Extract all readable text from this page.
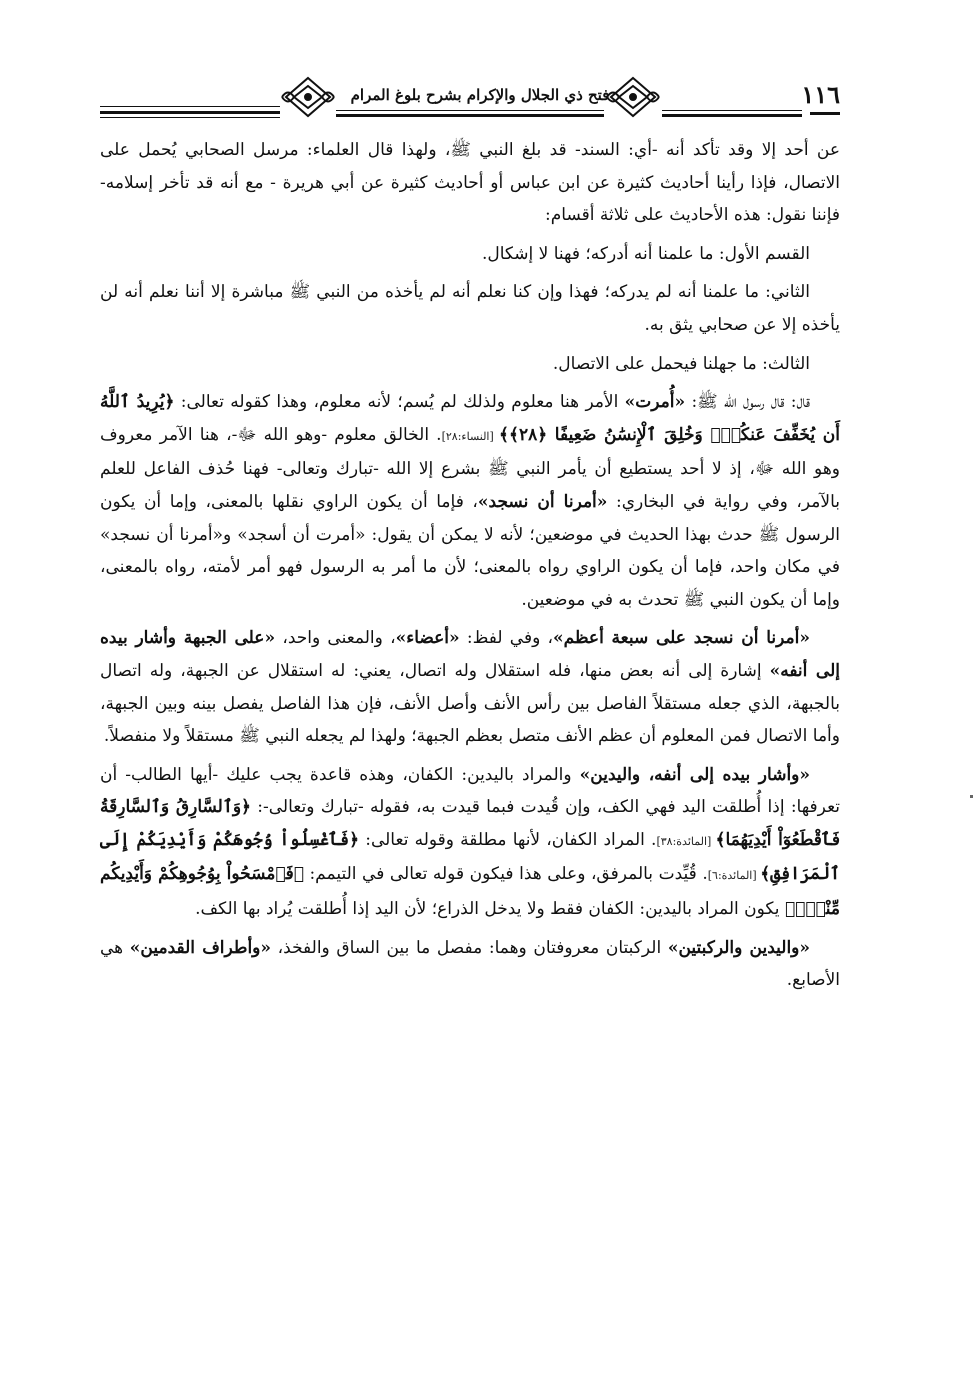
١١٦
فتح ذي الجلال والإكرام بشرح بلوغ المرام

عن أحد إلا وقد تأكد أنه -أي: السند- قد بلغ النبي ﷺ، ولهذا قال العلماء: مرسل الصحابي يُحمل على الاتصال، فإذا رأينا أحاديث كثيرة عن ابن عباس أو أحاديث كثيرة عن أبي هريرة - مع أنه قد تأخر إسلامه- فإننا نقول: هذه الأحاديث على ثلاثة أقسام:

القسم الأول: ما علمنا أنه أدركه؛ فهنا لا إشكال.

الثاني: ما علمنا أنه لم يدركه؛ فهذا وإن كنا نعلم أنه لم يأخذه من النبي ﷺ مباشرة إلا أننا نعلم أنه لن يأخذه إلا عن صحابي يثق به.

الثالث: ما جهلنا فيحمل على الاتصال.

قال: قال رسول الله ﷺ: «أُمرت» الأمر هنا معلوم ولذلك لم يُسم؛ لأنه معلوم، وهذا كقوله تعالى: ﴿يُرِيدُ ٱللَّهُ أَن يُخَفِّفَ عَنكُمْۚ وَخُلِقَ ٱلْإِنسَٰنُ ضَعِيفًا ﴿٢٨﴾﴾ [النساء:٢٨]. الخالق معلوم -وهو الله ﷻ-، هنا الآمر معروف وهو الله ﷻ، إذ لا أحد يستطيع أن يأمر النبي ﷺ بشرع إلا الله -تبارك وتعالى- فهنا حُذف الفاعل للعلم بالآمر، وفي رواية في البخاري: «أمرنا أن نسجد»، فإما أن يكون الراوي نقلها بالمعنى، وإما أن يكون الرسول ﷺ حدث بهذا الحديث في موضعين؛ لأنه لا يمكن أن يقول: «أمرت أن أسجد» و«أمرنا أن نسجد» في مكان واحد، فإما أن يكون الراوي رواه بالمعنى؛ لأن ما أمر به الرسول فهو أمر لأمته، رواه بالمعنى، وإما أن يكون النبي ﷺ تحدث به في موضعين.

«أمرنا أن نسجد على سبعة أعظم»، وفي لفظ: «أعضاء»، والمعنى واحد، «على الجبهة وأشار بيده إلى أنفه» إشارة إلى أنه بعض منها، فله استقلال وله اتصال، يعني: له استقلال عن الجبهة، وله اتصال بالجبهة، الذي جعله مستقلاً الفاصل بين رأس الأنف وأصل الأنف، فإن هذا الفاصل يفصل بينه وبين الجبهة، وأما الاتصال فمن المعلوم أن عظم الأنف متصل بعظم الجبهة؛ ولهذا لم يجعله النبي ﷺ مستقلاً ولا منفصلاً.

«وأشار بيده إلى أنفه، واليدين» والمراد باليدين: الكفان، وهذه قاعدة يجب عليك -أيها الطالب- أن تعرفها: إذا أُطلقت اليد فهي الكف، وإن قُيدت فبما قيدت به، فقوله -تبارك وتعالى-: ﴿وَٱلسَّارِقُ وَٱلسَّارِقَةُ فَٱقْطَعُوٓاْ أَيْدِيَهُمَا﴾ [المائدة:٣٨]. المراد الكفان، لأنها مطلقة وقوله تعالى: ﴿فَٱغْسِلُواْ وُجُوهَكُمْ وَأَيْدِيَكُمْ إِلَى ٱلْمَرَافِقِ﴾ [المائدة:٦]. قُيِّدت بالمرفق، وعلى هذا فيكون قوله تعالى في التيمم: ﴿فَٱمْسَحُواْ بِوُجُوهِكُمْ وَأَيْدِيكُم مِّنْهُۚ﴾ يكون المراد باليدين: الكفان فقط ولا يدخل الذراع؛ لأن اليد إذا أُطلقت يُراد بها الكف.

«واليدين والركبتين» الركبتان معروفتان وهما: مفصل ما بين الساق والفخذ، «وأطراف القدمين» هي الأصابع.
